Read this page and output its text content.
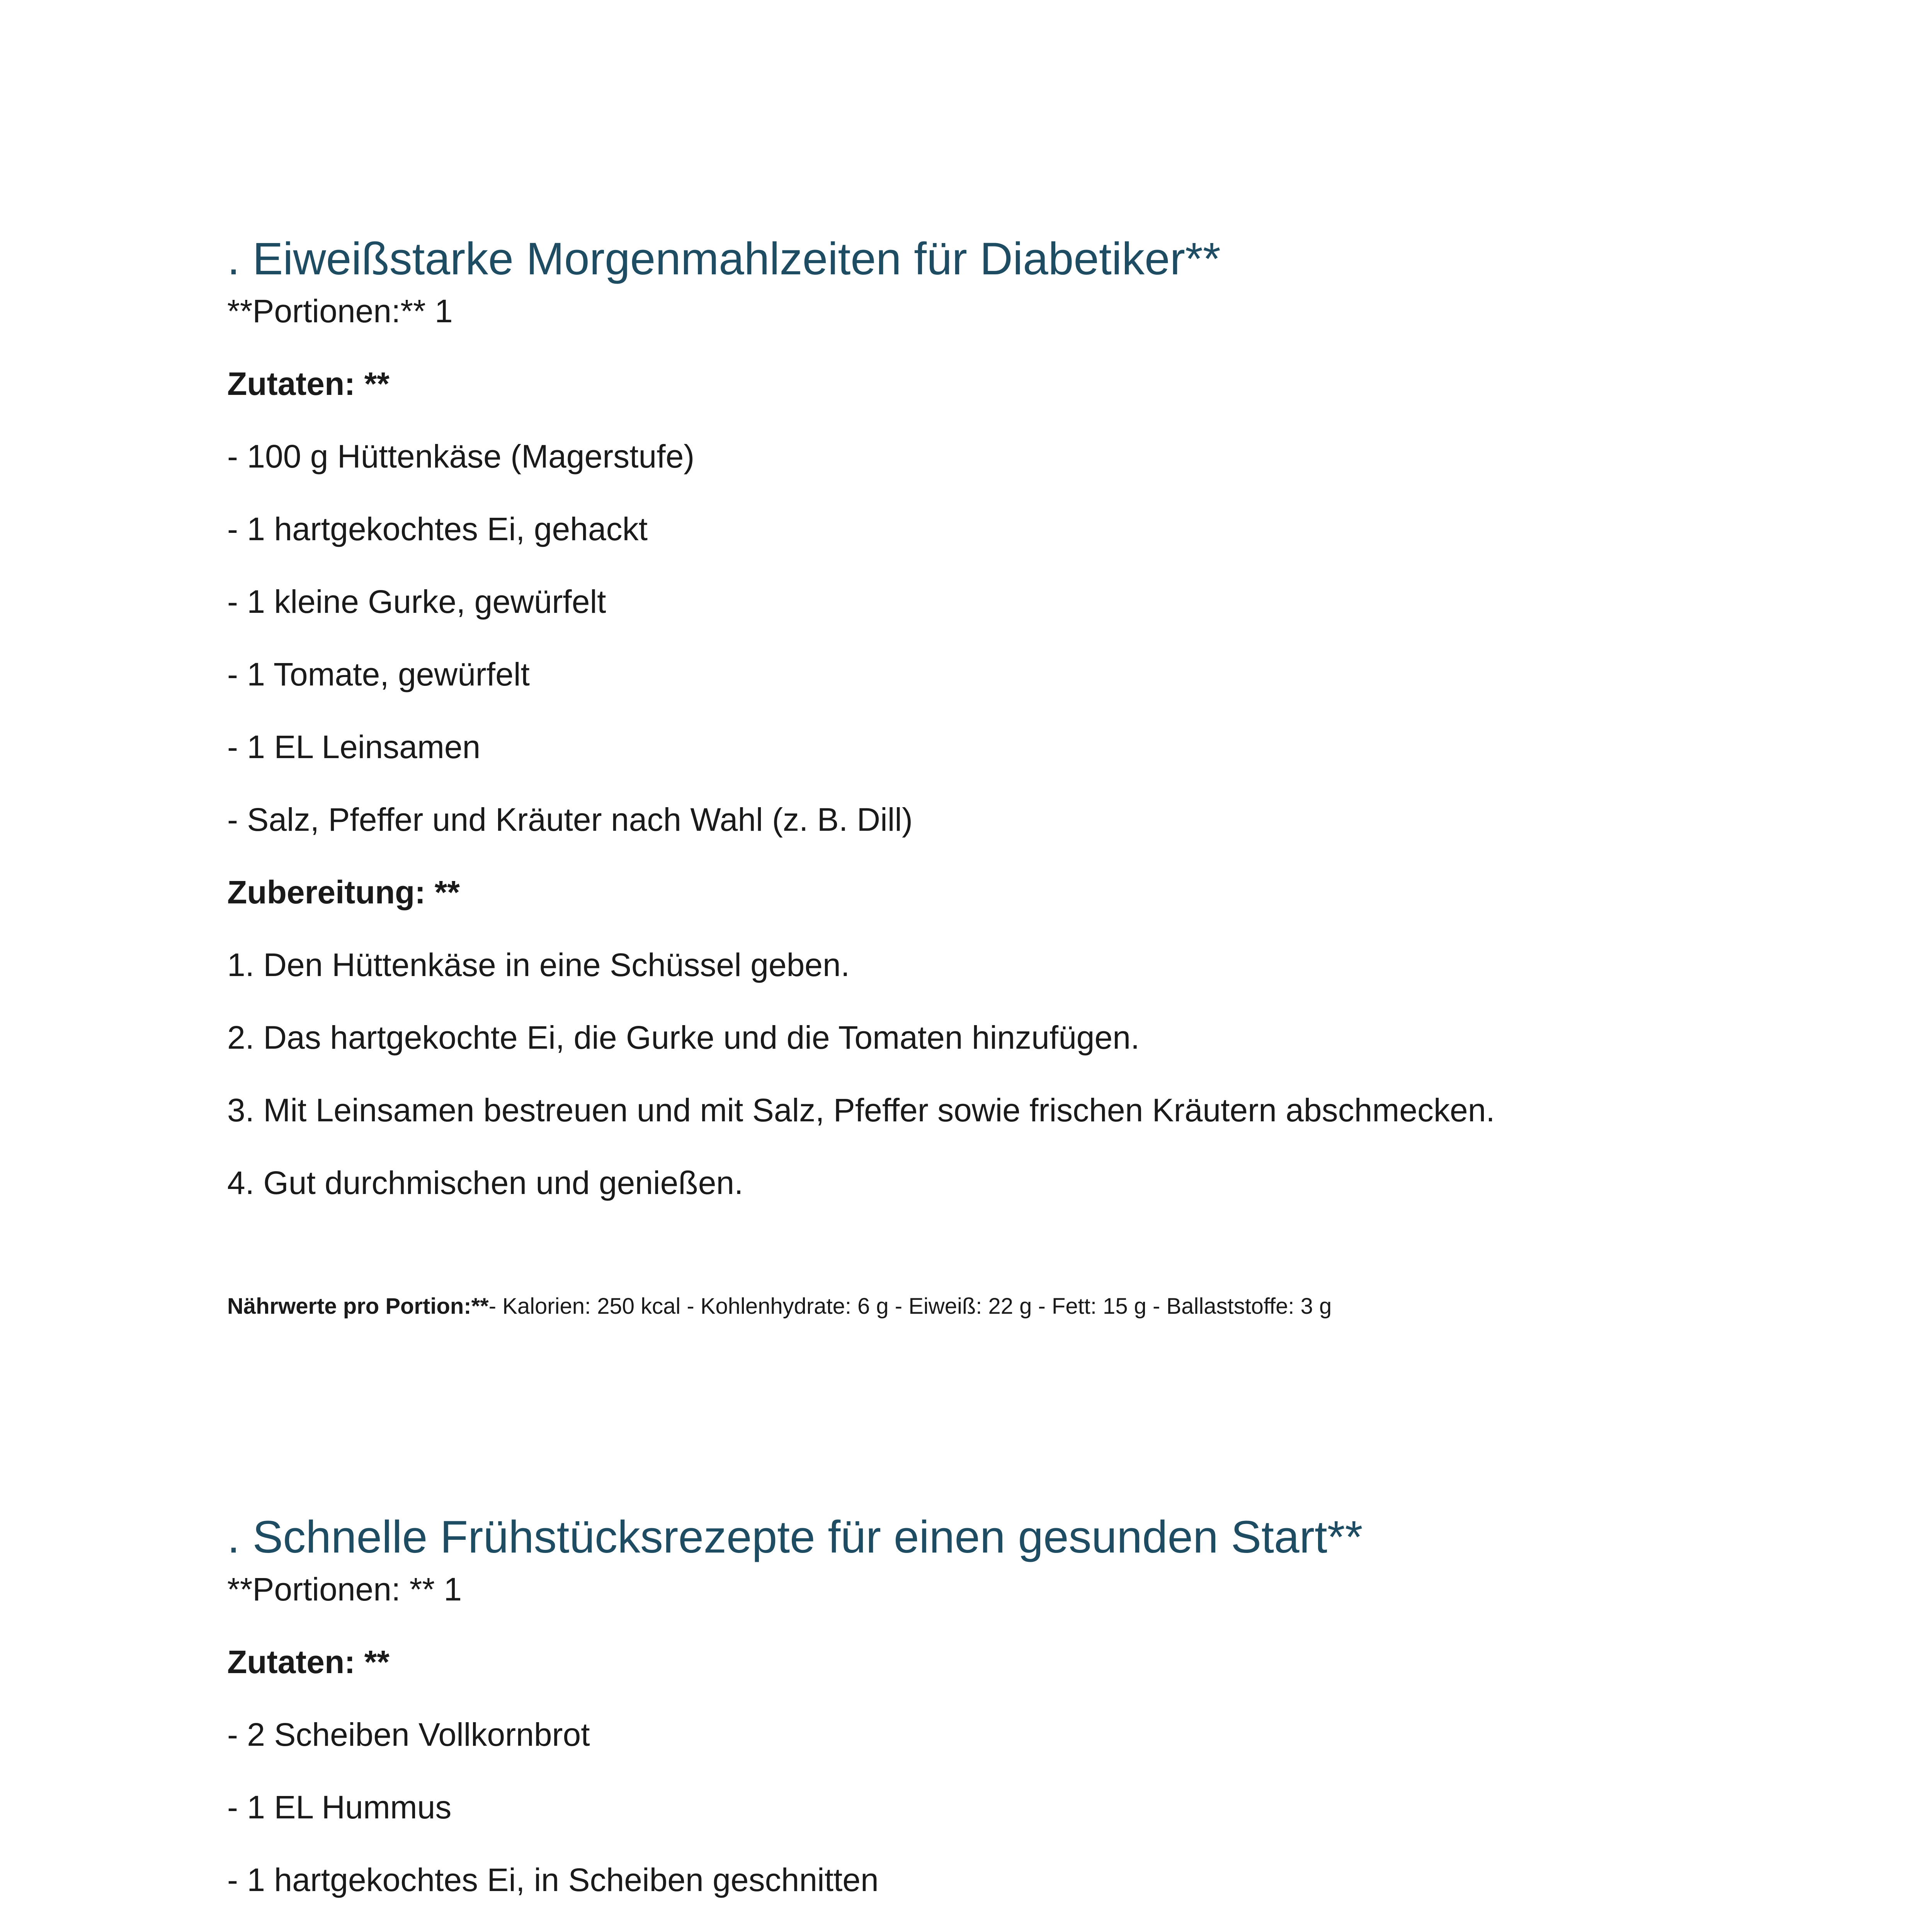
. Eiweißstarke Morgenmahlzeiten für Diabetiker**
**Portionen:** 1
Zutaten: **
- 100 g Hüttenkäse (Magerstufe)
- 1 hartgekochtes Ei, gehackt
- 1 kleine Gurke, gewürfelt
- 1 Tomate, gewürfelt
- 1 EL Leinsamen
- Salz, Pfeffer und Kräuter nach Wahl (z. B. Dill)
Zubereitung: **
1. Den Hüttenkäse in eine Schüssel geben.
2. Das hartgekochte Ei, die Gurke und die Tomaten hinzufügen.
3. Mit Leinsamen bestreuen und mit Salz, Pfeffer sowie frischen Kräutern abschmecken.
4. Gut durchmischen und genießen.
Nährwerte pro Portion:**- Kalorien: 250 kcal - Kohlenhydrate: 6 g - Eiweiß: 22 g - Fett: 15 g - Ballaststoffe: 3 g
. Schnelle Frühstücksrezepte für einen gesunden Start**
**Portionen: ** 1
Zutaten: **
- 2 Scheiben Vollkornbrot
- 1 EL Hummus
- 1 hartgekochtes Ei, in Scheiben geschnitten
